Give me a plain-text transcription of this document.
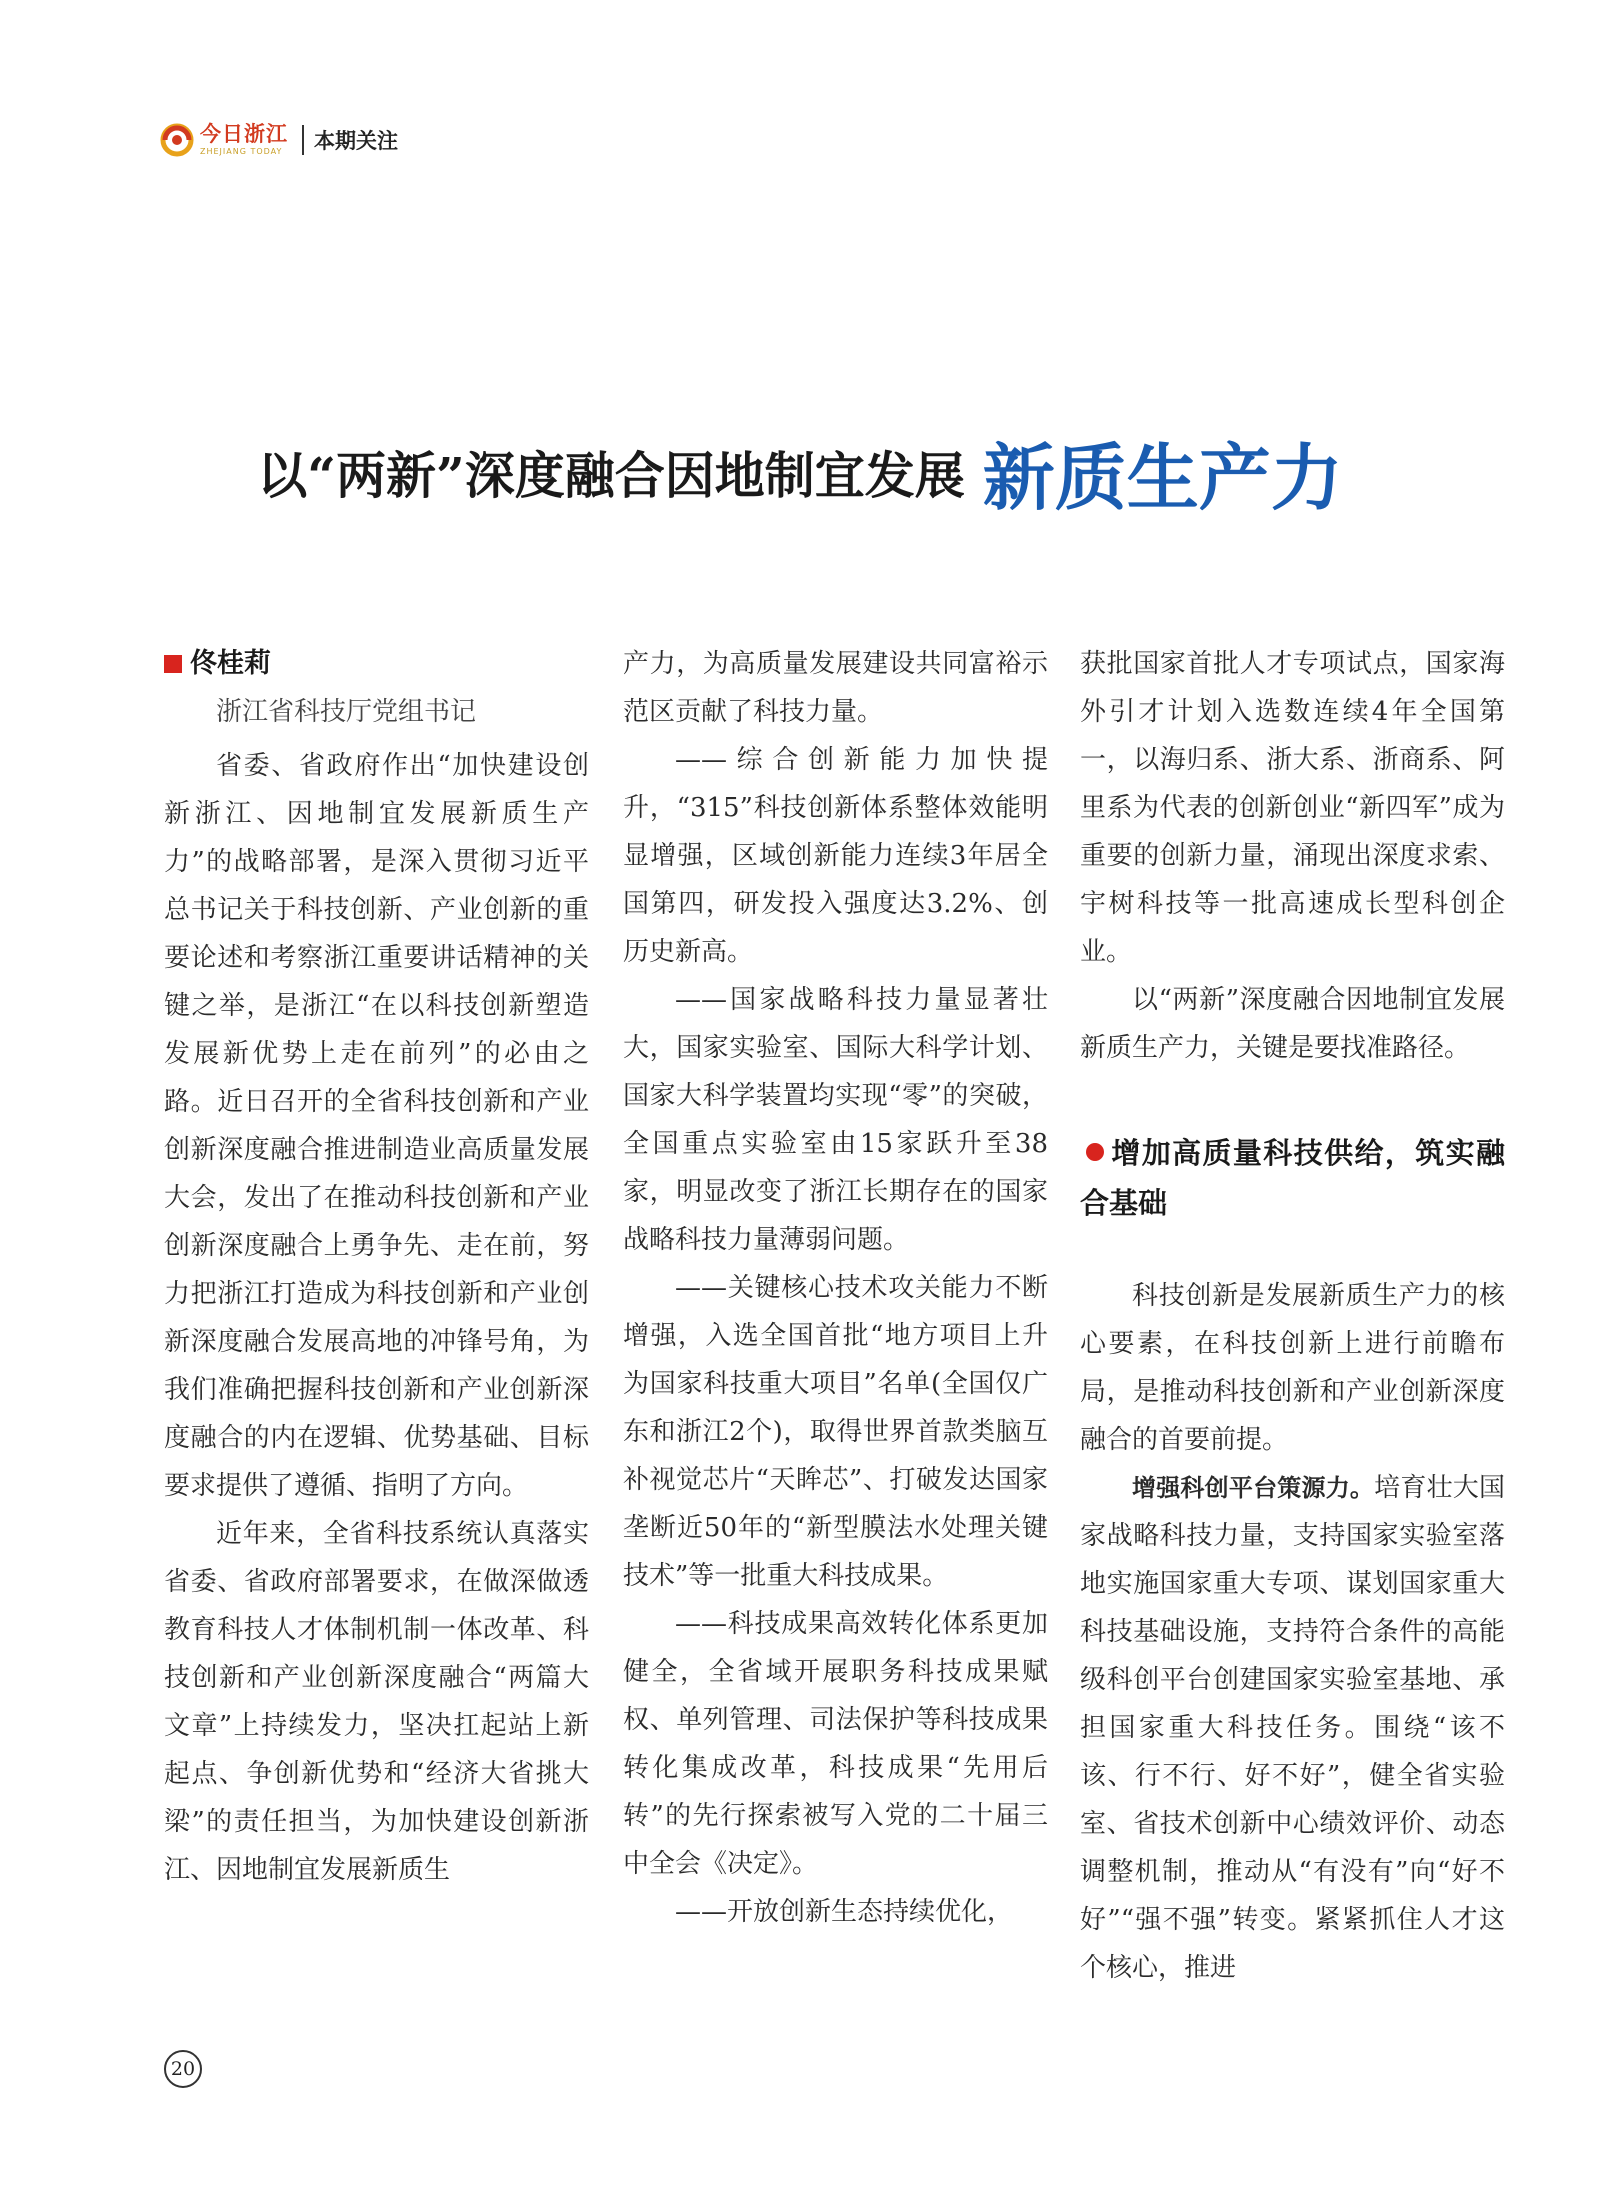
今日浙江
ZHEJIANG TODAY 本期关注
以“两新”深度融合因地制宜发展 新质生产力
佟桂莉

浙江省科技厅党组书记

省委、省政府作出“加快建设创新浙江、因地制宜发展新质生产力”的战略部署，是深入贯彻习近平总书记关于科技创新、产业创新的重要论述和考察浙江重要讲话精神的关键之举，是浙江“在以科技创新塑造发展新优势上走在前列”的必由之路。近日召开的全省科技创新和产业创新深度融合推进制造业高质量发展大会，发出了在推动科技创新和产业创新深度融合上勇争先、走在前，努力把浙江打造成为科技创新和产业创新深度融合发展高地的冲锋号角，为我们准确把握科技创新和产业创新深度融合的内在逻辑、优势基础、目标要求提供了遵循、指明了方向。

近年来，全省科技系统认真落实省委、省政府部署要求，在做深做透教育科技人才体制机制一体改革、科技创新和产业创新深度融合“两篇大文章”上持续发力，坚决扛起站上新起点、争创新优势和“经济大省挑大梁”的责任担当，为加快建设创新浙江、因地制宜发展新质生

产力，为高质量发展建设共同富裕示范区贡献了科技力量。

——综合创新能力加快提升，“315”科技创新体系整体效能明显增强，区域创新能力连续3年居全国第四，研发投入强度达3.2%、创历史新高。

——国家战略科技力量显著壮大，国家实验室、国际大科学计划、国家大科学装置均实现“零”的突破，全国重点实验室由15家跃升至38家，明显改变了浙江长期存在的国家战略科技力量薄弱问题。

——关键核心技术攻关能力不断增强，入选全国首批“地方项目上升为国家科技重大项目”名单(全国仅广东和浙江2个)，取得世界首款类脑互补视觉芯片“天眸芯”、打破发达国家垄断近50年的“新型膜法水处理关键技术”等一批重大科技成果。

——科技成果高效转化体系更加健全，全省域开展职务科技成果赋权、单列管理、司法保护等科技成果转化集成改革，科技成果“先用后转”的先行探索被写入党的二十届三中全会《决定》。

——开放创新生态持续优化，

获批国家首批人才专项试点，国家海外引才计划入选数连续4年全国第一，以海归系、浙大系、浙商系、阿里系为代表的创新创业“新四军”成为重要的创新力量，涌现出深度求索、宇树科技等一批高速成长型科创企业。

以“两新”深度融合因地制宜发展新质生产力，关键是要找准路径。

增加高质量科技供给，筑实融合基础

科技创新是发展新质生产力的核心要素，在科技创新上进行前瞻布局，是推动科技创新和产业创新深度融合的首要前提。

增强科创平台策源力。培育壮大国家战略科技力量，支持国家实验室落地实施国家重大专项、谋划国家重大科技基础设施，支持符合条件的高能级科创平台创建国家实验室基地、承担国家重大科技任务。围绕“该不该、行不行、好不好”，健全省实验室、省技术创新中心绩效评价、动态调整机制，推动从“有没有”向“好不好”“强不强”转变。紧紧抓住人才这个核心，推进

20
